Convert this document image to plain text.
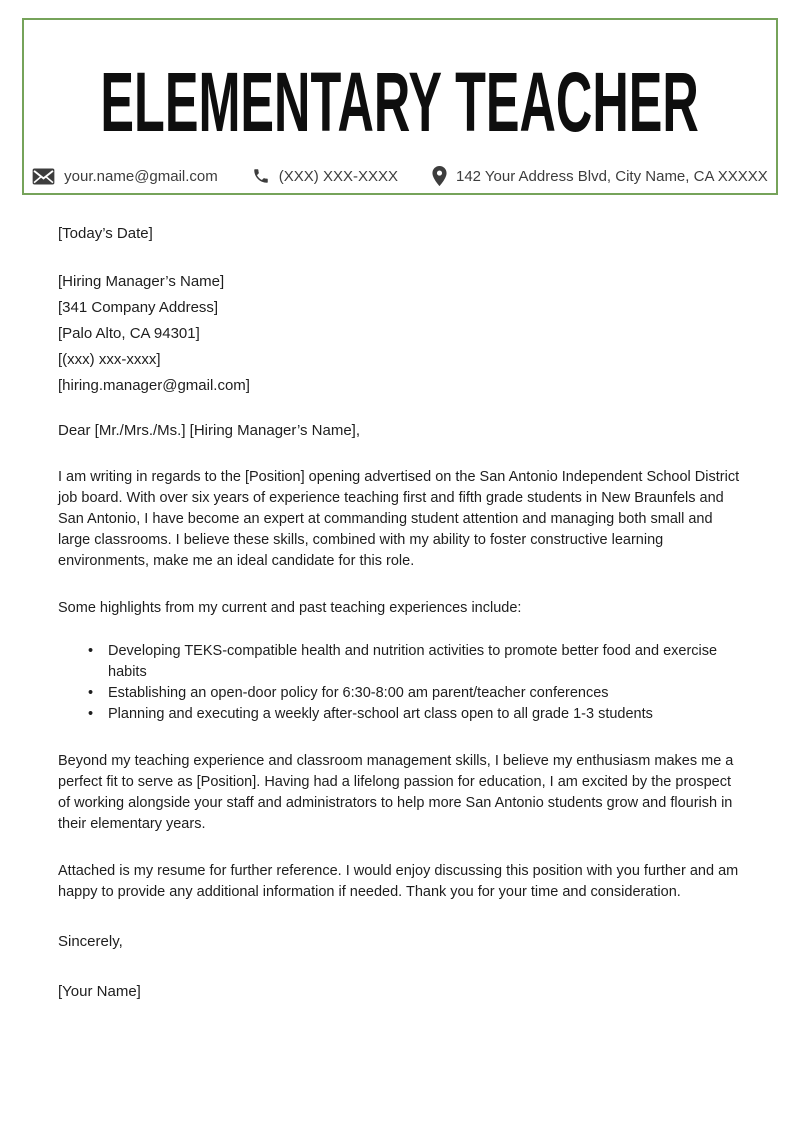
ELEMENTARY TEACHER
your.name@gmail.com	(XXX) XXX-XXXX	142 Your Address Blvd, City Name, CA XXXXX
[Today’s Date]
[Hiring Manager’s Name]
[341 Company Address]
[Palo Alto, CA 94301]
[(xxx) xxx-xxxx]
[hiring.manager@gmail.com]
Dear [Mr./Mrs./Ms.] [Hiring Manager’s Name],
I am writing in regards to the [Position] opening advertised on the San Antonio Independent School District job board. With over six years of experience teaching first and fifth grade students in New Braunfels and San Antonio, I have become an expert at commanding student attention and managing both small and large classrooms. I believe these skills, combined with my ability to foster constructive learning environments, make me an ideal candidate for this role.
Some highlights from my current and past teaching experiences include:
•	Developing TEKS-compatible health and nutrition activities to promote better food and exercise habits
•	Establishing an open-door policy for 6:30-8:00 am parent/teacher conferences
•	Planning and executing a weekly after-school art class open to all grade 1-3 students
Beyond my teaching experience and classroom management skills, I believe my enthusiasm makes me a perfect fit to serve as [Position]. Having had a lifelong passion for education, I am excited by the prospect of working alongside your staff and administrators to help more San Antonio students grow and flourish in their elementary years.
Attached is my resume for further reference. I would enjoy discussing this position with you further and am happy to provide any additional information if needed. Thank you for your time and consideration.
Sincerely,
[Your Name]
